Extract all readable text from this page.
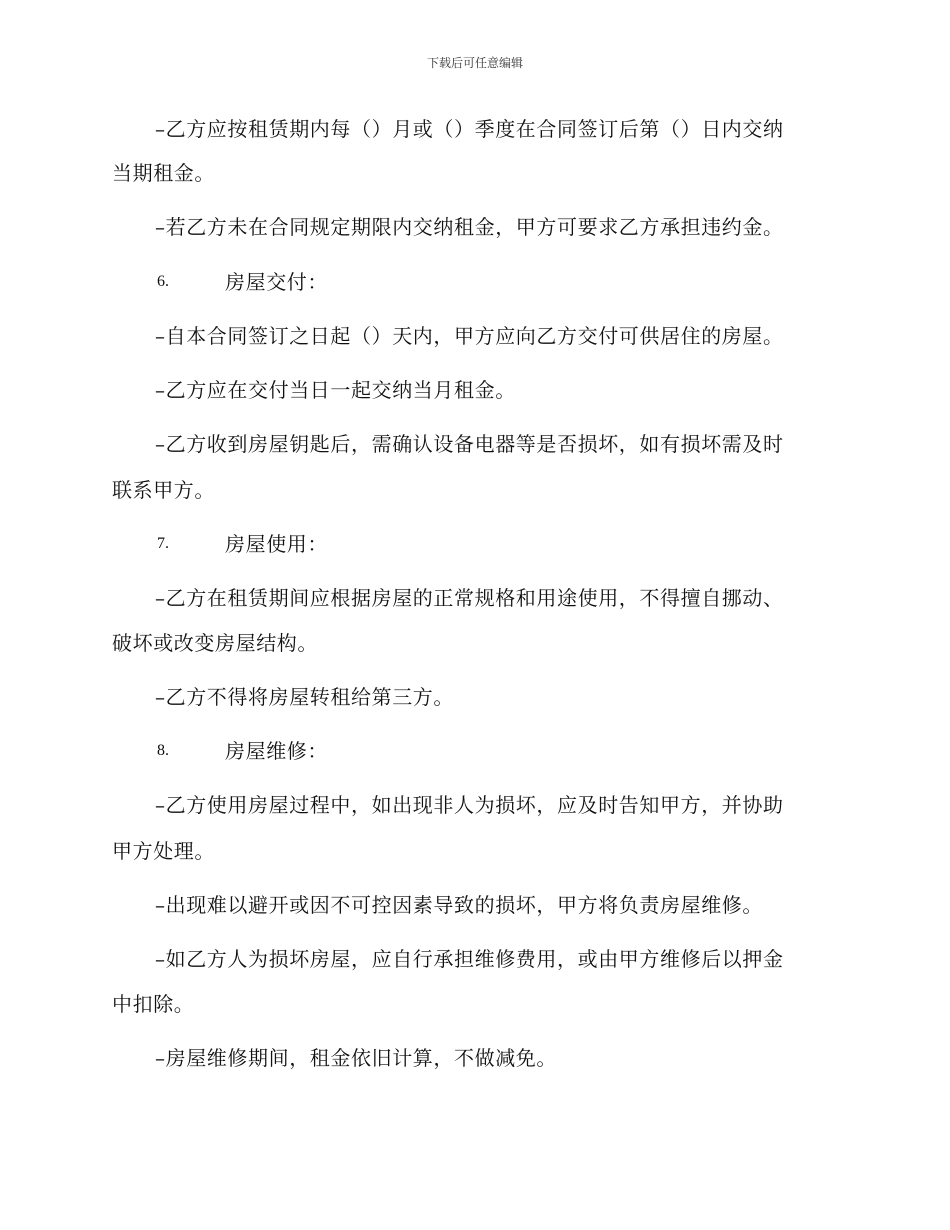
下载后可任意编辑
–乙方应按租赁期内每（）月或（）季度在合同签订后第（）日内交纳
当期租金。
–若乙方未在合同规定期限内交纳租金，甲方可要求乙方承担违约金。
6.	房屋交付：
–自本合同签订之日起（）天内，甲方应向乙方交付可供居住的房屋。
–乙方应在交付当日一起交纳当月租金。
–乙方收到房屋钥匙后，需确认设备电器等是否损坏，如有损坏需及时
联系甲方。
7.	房屋使用：
–乙方在租赁期间应根据房屋的正常规格和用途使用，不得擅自挪动、
破坏或改变房屋结构。
–乙方不得将房屋转租给第三方。
8.	房屋维修：
–乙方使用房屋过程中，如出现非人为损坏，应及时告知甲方，并协助
甲方处理。
–出现难以避开或因不可控因素导致的损坏，甲方将负责房屋维修。
–如乙方人为损坏房屋，应自行承担维修费用，或由甲方维修后以押金
中扣除。
–房屋维修期间，租金依旧计算，不做减免。
